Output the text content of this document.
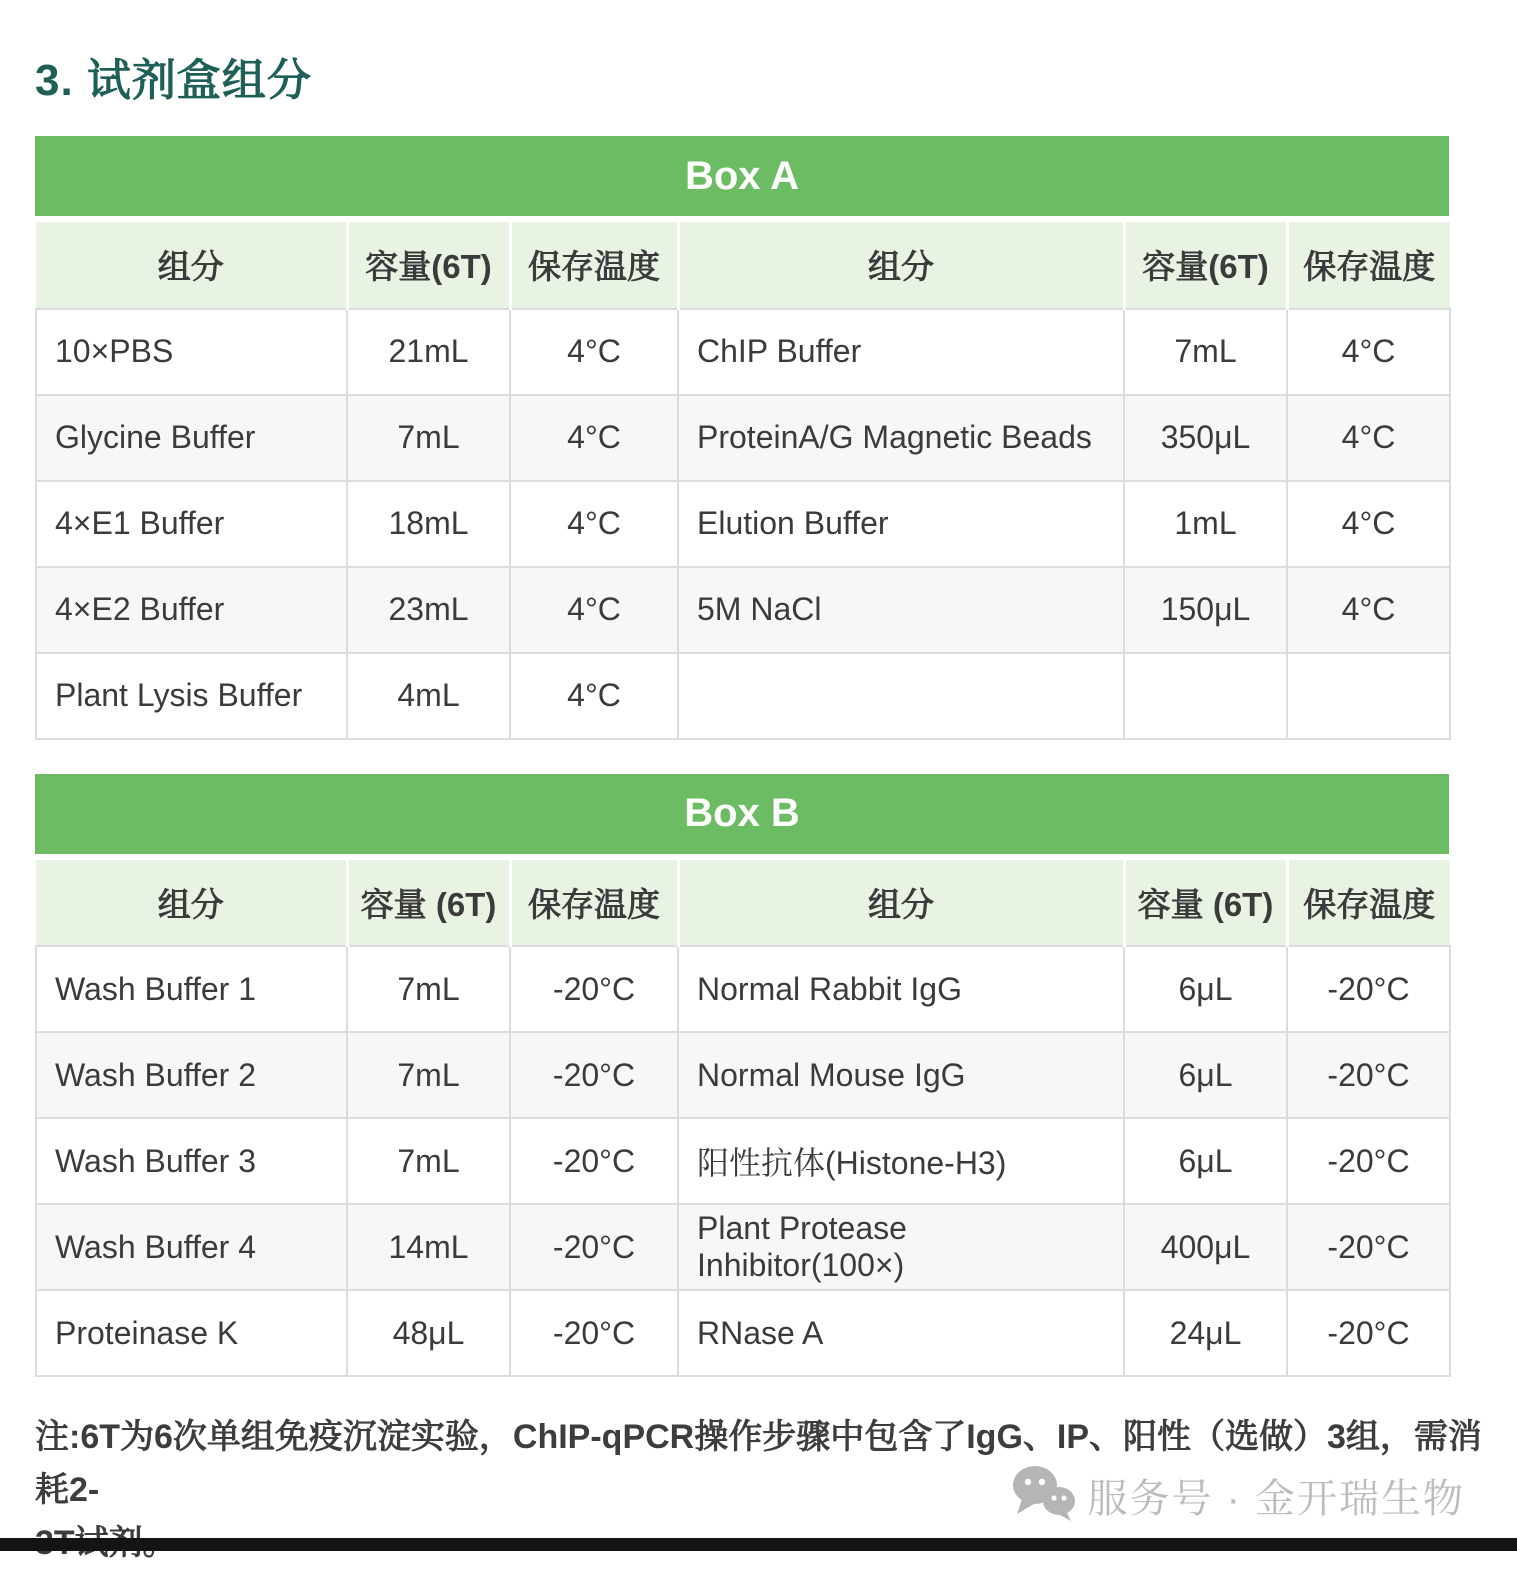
3. 试剂盒组分
Box A
组分	容量(6T)	保存温度	组分	容量(6T)	保存温度
10×PBS	21mL	4°C	ChIP Buffer	7mL	4°C
Glycine Buffer	7mL	4°C	ProteinA/G Magnetic Beads	350μL	4°C
4×E1 Buffer	18mL	4°C	Elution Buffer	1mL	4°C
4×E2 Buffer	23mL	4°C	5M NaCl	150μL	4°C
Plant Lysis Buffer	4mL	4°C			
Box B
组分	容量 (6T)	保存温度	组分	容量 (6T)	保存温度
Wash Buffer 1	7mL	-20°C	Normal Rabbit IgG	6μL	-20°C
Wash Buffer 2	7mL	-20°C	Normal Mouse IgG	6μL	-20°C
Wash Buffer 3	7mL	-20°C	阳性抗体(Histone-H3)	6μL	-20°C
Wash Buffer 4	14mL	-20°C	Plant Protease Inhibitor(100×)	400μL	-20°C
Proteinase K	48μL	-20°C	RNase A	24μL	-20°C
注:6T为6次单组免疫沉淀实验，ChIP-qPCR操作步骤中包含了IgG、IP、阳性（选做）3组，需消耗2-	服务号 · 金开瑞生物
